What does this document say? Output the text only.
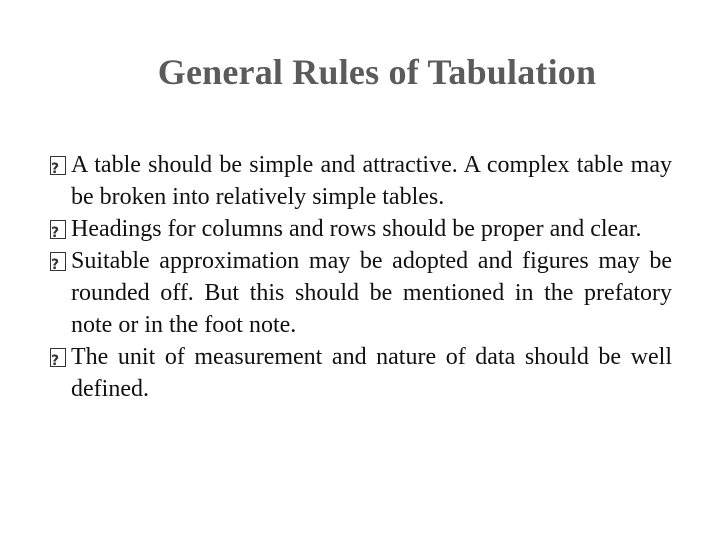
General Rules of Tabulation
?
A table should be simple and attractive. A complex table may be broken into relatively simple tables.
?
Headings for columns and rows should be proper and clear.
?
Suitable approximation may be adopted and figures may be rounded off. But this should be mentioned in the prefatory note or in the foot note.
?
The unit of measurement and nature of data should be well defined.
